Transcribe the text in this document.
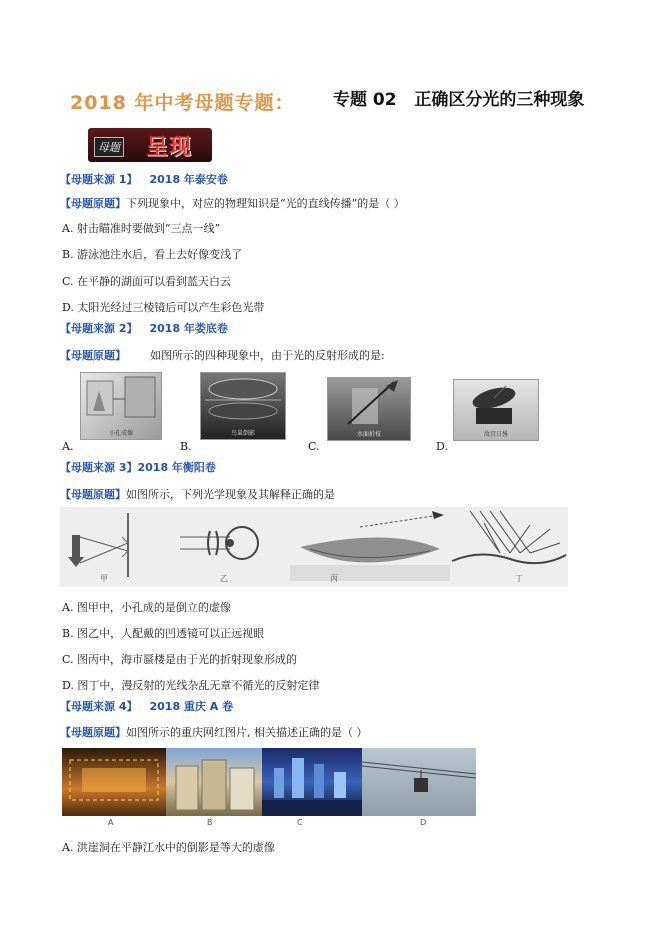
2018 年中考母题专题： 专题 02   正确区分光的三种现象
母题 呈现
【母题来源 1】 2018 年泰安卷
【母题原题】下列现象中，对应的物理知识是“光的直线传播”的是（ ）
A. 射击瞄准时要做到“三点一线”
B. 游泳池注水后，看上去好像变浅了
C. 在平静的湖面可以看到蓝天白云
D. 太阳光经过三棱镜后可以产生彩色光带
【母题来源 2】 2018 年娄底卷
【母题原题】 如图所示的四种现象中，由于光的反射形成的是:
小孔成像
A.
鸟巢倒影
B.
水面折枝
C.
故宫日晷
D.
【母题来源 3】2018 年衡阳卷
【母题原题】如图所示，下列光学现象及其解释正确的是
甲	乙	丙	丁
A. 图甲中，小孔成的是倒立的虚像
B. 图乙中，人配戴的凹透镜可以正远视眼
C. 图丙中，海市蜃楼是由于光的折射现象形成的
D. 图丁中，漫反射的光线杂乱无章不循光的反射定律
【母题来源 4】 2018 重庆 A 卷
【母题原题】如图所示的重庆网红图片, 相关描述正确的是（ ）
A	B	C	D
A. 洪崖洞在平静江水中的倒影是等大的虚像
